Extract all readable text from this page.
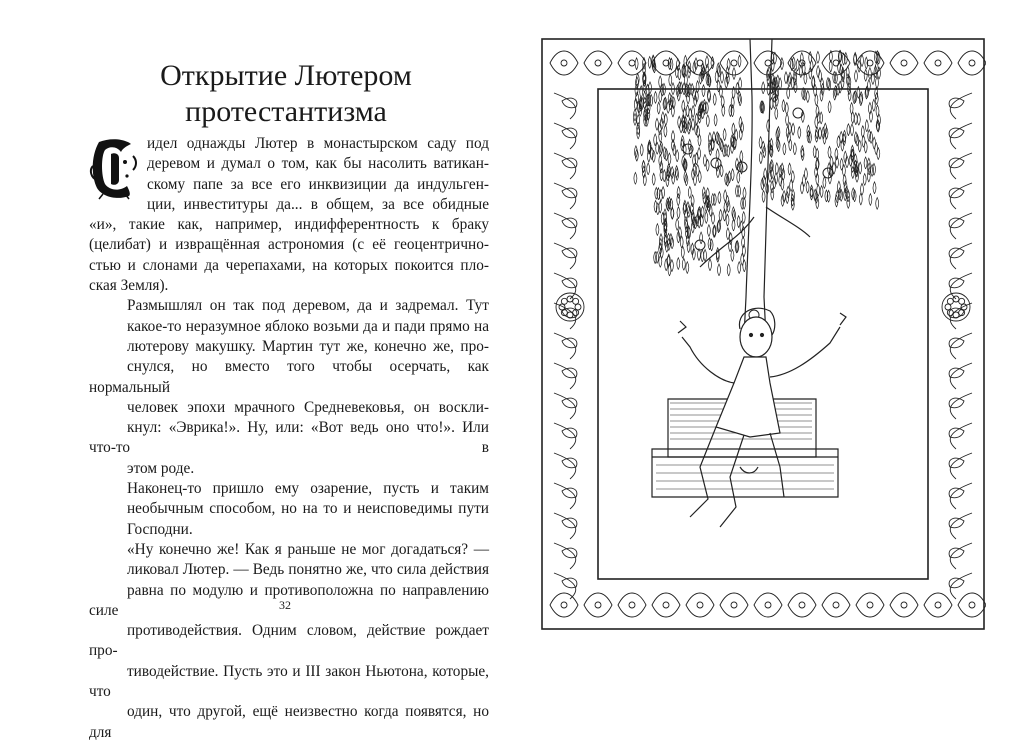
Открытие Лютером
протестантизма

идел однажды Лютер в монастырском саду под
деревом и думал о том, как бы насолить ватикан-
скому папе за все его инквизиции да индульген-
ции, инвеституры да... в общем, за все обидные
«и», такие как, например, индифферентность к браку
(целибат) и извращённая астрономия (с её геоцентрично-
стью и слонами да черепахами, на которых покоится пло-
ская Земля).

Размышлял он так под деревом, да и задремал. Тут
какое-то неразумное яблоко возьми да и пади прямо на
лютерову макушку. Мартин тут же, конечно же, про-
снулся, но вместо того чтобы осерчать, как нормальный
человек эпохи мрачного Средневековья, он воскли-
кнул: «Эврика!». Ну, или: «Вот ведь оно что!». Или что-то в
этом роде.

Наконец-то пришло ему озарение, пусть и таким
необычным способом, но на то и неисповедимы пути
Господни.

«Ну конечно же! Как я раньше не мог догадаться? —
ликовал Лютер. — Ведь понятно же, что сила действия
равна по модулю и противоположна по направлению силе
противодействия. Одним словом, действие рождает про-
тиводействие. Пусть это и III закон Ньютона, которые, что
один, что другой, ещё неизвестно когда появятся, но для

32
